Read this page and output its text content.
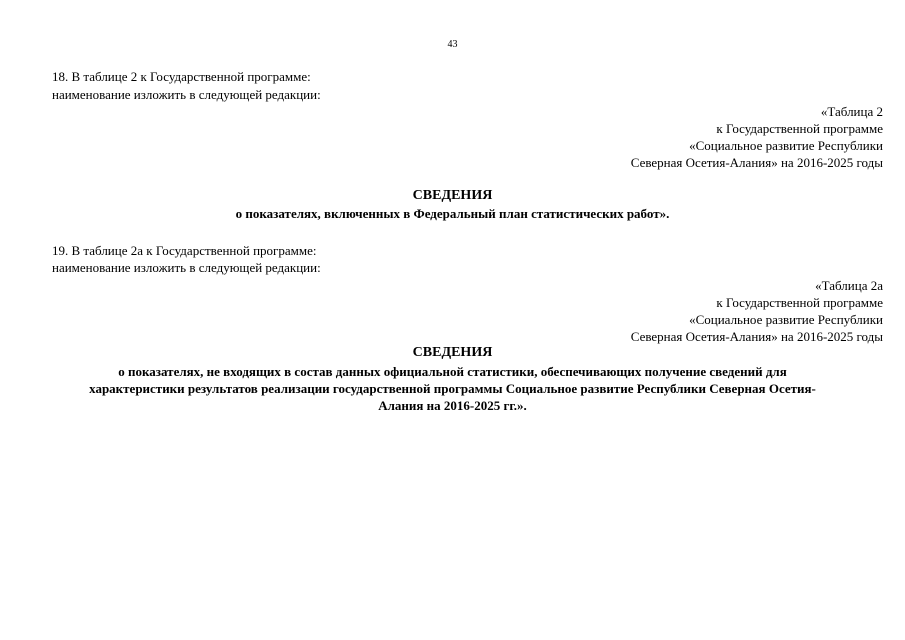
43
18. В таблице 2 к Государственной программе:
наименование изложить в следующей редакции:
«Таблица 2
к Государственной программе
«Социальное развитие Республики
Северная Осетия-Алания» на 2016-2025 годы
СВЕДЕНИЯ
о показателях, включенных в Федеральный план статистических работ».
19. В таблице 2а к Государственной программе:
наименование изложить в следующей редакции:
«Таблица 2а
к Государственной программе
«Социальное развитие Республики
Северная Осетия-Алания» на 2016-2025 годы
СВЕДЕНИЯ
о показателях, не входящих в состав данных официальной статистики, обеспечивающих получение сведений для
характеристики результатов реализации государственной программы Социальное развитие Республики Северная Осетия-
Алания на 2016-2025 гг.».
